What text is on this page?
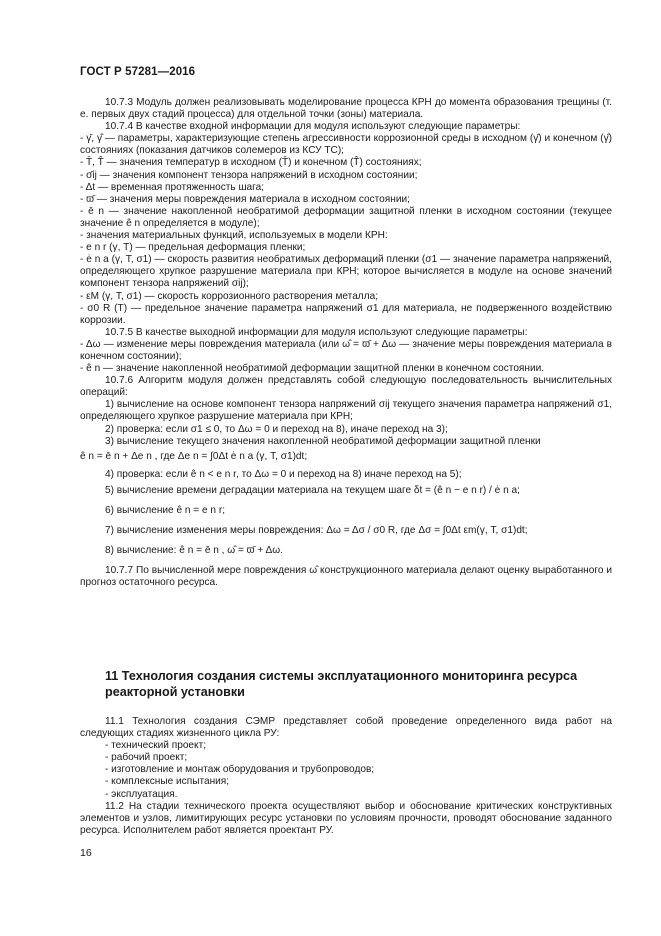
ГОСТ Р 57281—2016

10.7.3 Модуль должен реализовывать моделирование процесса КРН до момента образования трещины (т. е. первых двух стадий процесса) для отдельной точки (зоны) материала.

10.7.4 В качестве входной информации для модуля используют следующие параметры:

- γ̄, γ̂ — параметры, характеризующие степень агрессивности коррозионной среды в исходном (γ̄) и конечном (γ̂) состояниях (показания датчиков солемеров из КСУ ТС);

- T̄, T̂ — значения температур в исходном (T̄) и конечном (T̂) состояниях;

- σ̄ij — значения компонент тензора напряжений в исходном состоянии;

- Δt — временная протяженность шага;

- ϖ̄ — значения меры повреждения материала в исходном состоянии;

- ē n — значение накопленной необратимой деформации защитной пленки в исходном состоянии (текущее значение ê n определяется в модуле);

- значения материальных функций, используемых в модели КРН:

- e n r (γ, T) — предельная деформация пленки;

- ė n a (γ, T, σ1) — скорость развития необратимых деформаций пленки (σ1 — значение параметра напряжений, определяющего хрупкое разрушение материала при КРН; которое вычисляется в модуле на основе значений компонент тензора напряжений σij);

- εM (γ, T, σ1) — скорость коррозионного растворения металла;

- σ0 R (T) — предельное значение параметра напряжений σ1 для материала, не подверженного воздействию коррозии.

10.7.5 В качестве выходной информации для модуля используют следующие параметры:

- Δω — изменение меры повреждения материала (или ω̂ = ϖ̄ + Δω — значение меры повреждения материала в конечном состоянии);

- ê n — значение накопленной необратимой деформации защитной пленки в конечном состоянии.

10.7.6 Алгоритм модуля должен представлять собой следующую последовательность вычислительных операций:

1) вычисление на основе компонент тензора напряжений σij текущего значения параметра напряжений σ1, определяющего хрупкое разрушение материала при КРН;

2) проверка: если σ1 ≤ 0, то Δω = 0 и переход на 8), иначе переход на 3);

3) вычисление текущего значения накопленной необратимой деформации защитной пленки

ê n = ē n + Δe n , где Δe n = ∫0Δt ė n a (γ, T, σ1)dt;

4) проверка: если ê n < e n r, то Δω = 0 и переход на 8) иначе переход на 5);

5) вычисление времени деградации материала на текущем шаге δt = (ê n − e n r) / ė n a;

6) вычисление ê n = e n r;

7) вычисление изменения меры повреждения: Δω = Δσ / σ0 R, где Δσ = ∫0Δt εm(γ, T, σ1)dt;

8) вычисление: ê n = ē n , ω̂ = ϖ̄ + Δω.

10.7.7 По вычисленной мере повреждения ω̂ конструкционного материала делают оценку выработанного и прогноз остаточного ресурса.

11 Технология создания системы эксплуатационного мониторинга ресурса реакторной установки

11.1 Технология создания СЭМР представляет собой проведение определенного вида работ на следующих стадиях жизненного цикла РУ:

- технический проект;

- рабочий проект;

- изготовление и монтаж оборудования и трубопроводов;

- комплексные испытания;

- эксплуатация.

11.2 На стадии технического проекта осуществляют выбор и обоснование критических конструктивных элементов и узлов, лимитирующих ресурс установки по условиям прочности, проводят обоснование заданного ресурса. Исполнителем работ является проектант РУ.

16
